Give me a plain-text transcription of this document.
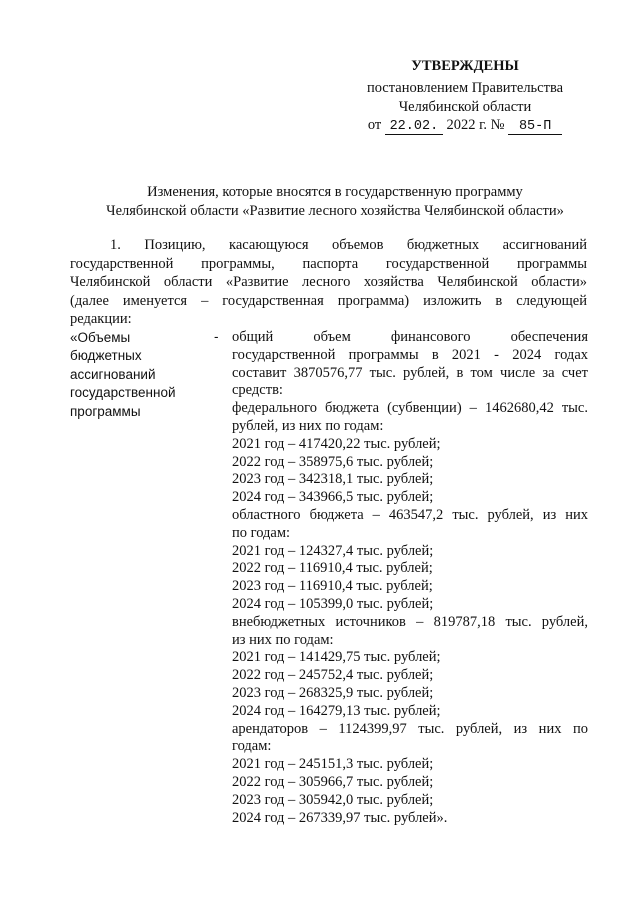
УТВЕРЖДЕНЫ
постановлением Правительства
Челябинской области
от 22.02. 2022 г. № 85-П
Изменения, которые вносятся в государственную программу
Челябинской области «Развитие лесного хозяйства Челябинской области»
1. Позицию, касающуюся объемов бюджетных ассигнований
государственной программы, паспорта государственной программы
Челябинской области «Развитие лесного хозяйства Челябинской области»
(далее именуется – государственная программа) изложить в следующей
редакции:
«Объемы
бюджетных
ассигнований
государственной
программы
- общий объем финансового обеспечения
государственной программы в 2021 - 2024 годах
составит 3870576,77 тыс. рублей, в том числе за счет
средств:
федерального бюджета (субвенции) – 1462680,42 тыс.
рублей, из них по годам:
2021 год – 417420,22 тыс. рублей;
2022 год – 358975,6 тыс. рублей;
2023 год – 342318,1 тыс. рублей;
2024 год – 343966,5 тыс. рублей;
областного бюджета – 463547,2 тыс. рублей, из них
по годам:
2021 год – 124327,4 тыс. рублей;
2022 год – 116910,4 тыс. рублей;
2023 год – 116910,4 тыс. рублей;
2024 год – 105399,0 тыс. рублей;
внебюджетных источников – 819787,18 тыс. рублей,
из них по годам:
2021 год – 141429,75 тыс. рублей;
2022 год – 245752,4 тыс. рублей;
2023 год – 268325,9 тыс. рублей;
2024 год – 164279,13 тыс. рублей;
арендаторов – 1124399,97 тыс. рублей, из них по
годам:
2021 год – 245151,3 тыс. рублей;
2022 год – 305966,7 тыс. рублей;
2023 год – 305942,0 тыс. рублей;
2024 год – 267339,97 тыс. рублей».
